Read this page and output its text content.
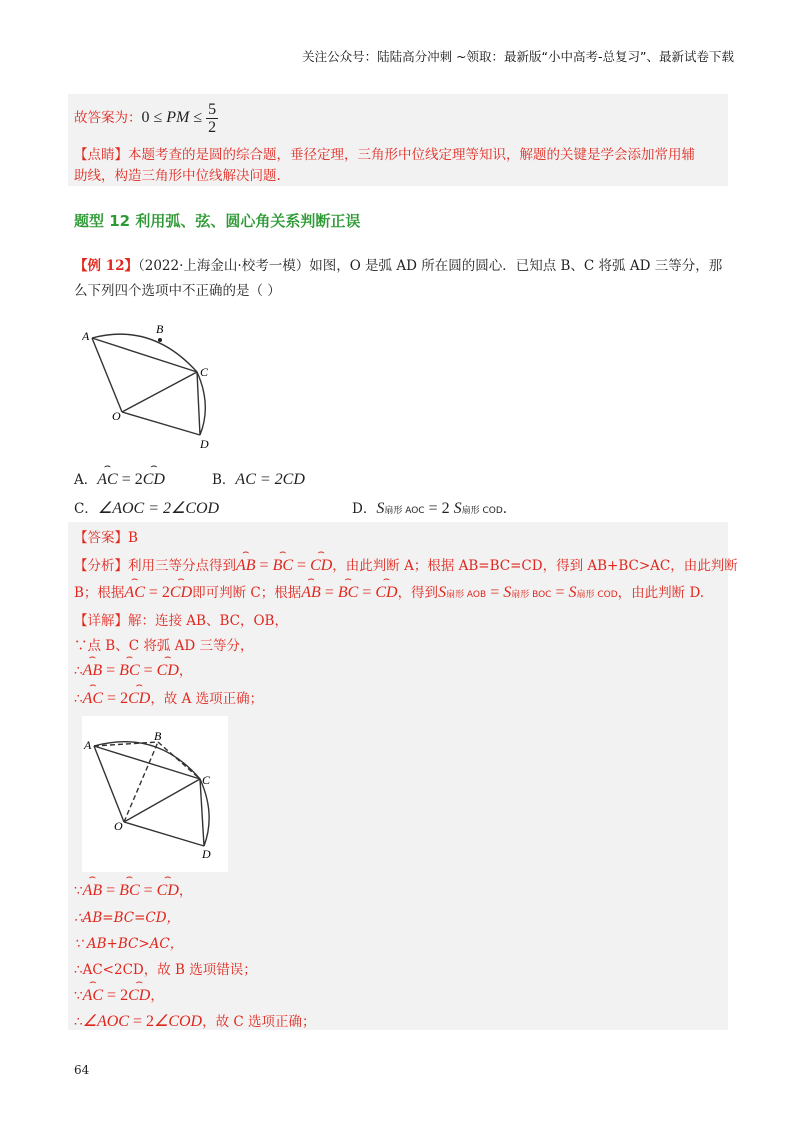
关注公众号：陆陆高分冲刺 ~领取：最新版“小中高考-总复习”、最新试卷下载
故答案为：0 ≤ PM ≤ $\frac{5}{2}$
【点睛】本题考查的是圆的综合题，垂径定理，三角形中位线定理等知识，解题的关键是学会添加常用辅
助线，构造三角形中位线解决问题.
题型 12 利用弧、弦、圆心角关系判断正误
【例 12】（2022·上海金山·校考一模）如图，O 是弧 AD 所在圆的圆心．已知点 B、C 将弧 AD 三等分，那
么下列四个选项中不正确的是（ ）
A	B
C
O
D
A．⌢ AC = 2⌢ CD	B．AC = 2CD
C．∠AOC = 2∠COD	D．S扇形 AOC = 2 S扇形 COD.
【答案】B
【分析】利用三等分点得到⌢ AB = ⌢ BC = ⌢ CD，由此判断 A；根据 AB=BC=CD，得到 AB+BC>AC，由此判断
B；根据⌢ AC = 2⌢ CD即可判断 C；根据⌢ AB = ⌢ BC = ⌢ CD，得到S扇形 AOB = S扇形 BOC = S扇形 COD，由此判断 D.
【详解】解：连接 AB、BC，OB，
∵点 B、C 将弧 AD 三等分，
∴⌢ AB = ⌢ BC = ⌢ CD，
∴⌢ AC = 2⌢ CD，故 A 选项正确；
A
B
C
O
D
∵⌢ AB = ⌢ BC = ⌢ CD，
∴AB=BC=CD，
∵ AB+BC>AC，
∴AC<2CD，故 B 选项错误；
∵⌢ AC = 2⌢ CD，
∴∠AOC = 2∠COD，故 C 选项正确；
64
